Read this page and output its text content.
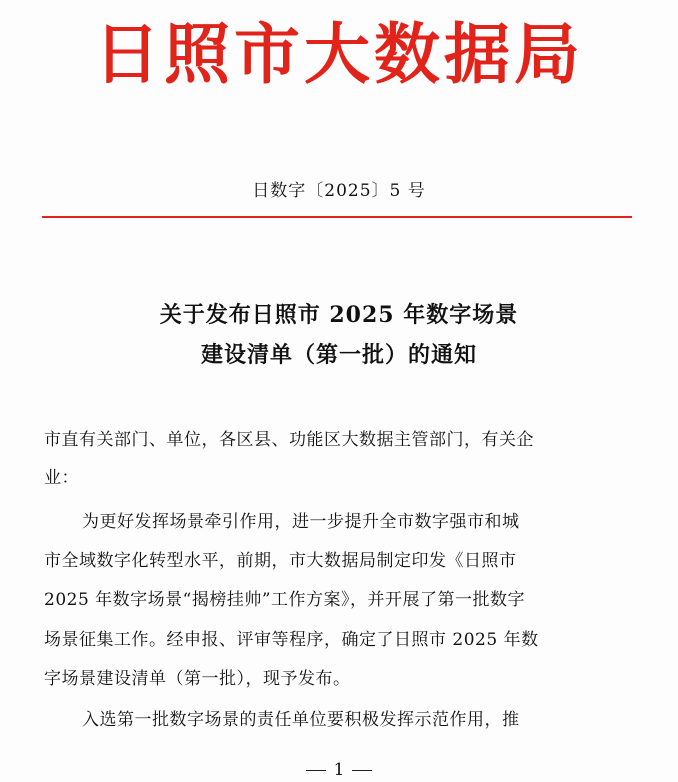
日照市大数据局
日数字〔2025〕5 号
关于发布日照市 2025 年数字场景
建设清单（第一批）的通知
市直有关部门、单位，各区县、功能区大数据主管部门，有关企
业：
为更好发挥场景牵引作用，进一步提升全市数字强市和城
市全域数字化转型水平，前期，市大数据局制定印发《日照市
2025 年数字场景“揭榜挂帅”工作方案》，并开展了第一批数字
场景征集工作。经申报、评审等程序，确定了日照市 2025 年数
字场景建设清单（第一批），现予发布。
入选第一批数字场景的责任单位要积极发挥示范作用，推
1
